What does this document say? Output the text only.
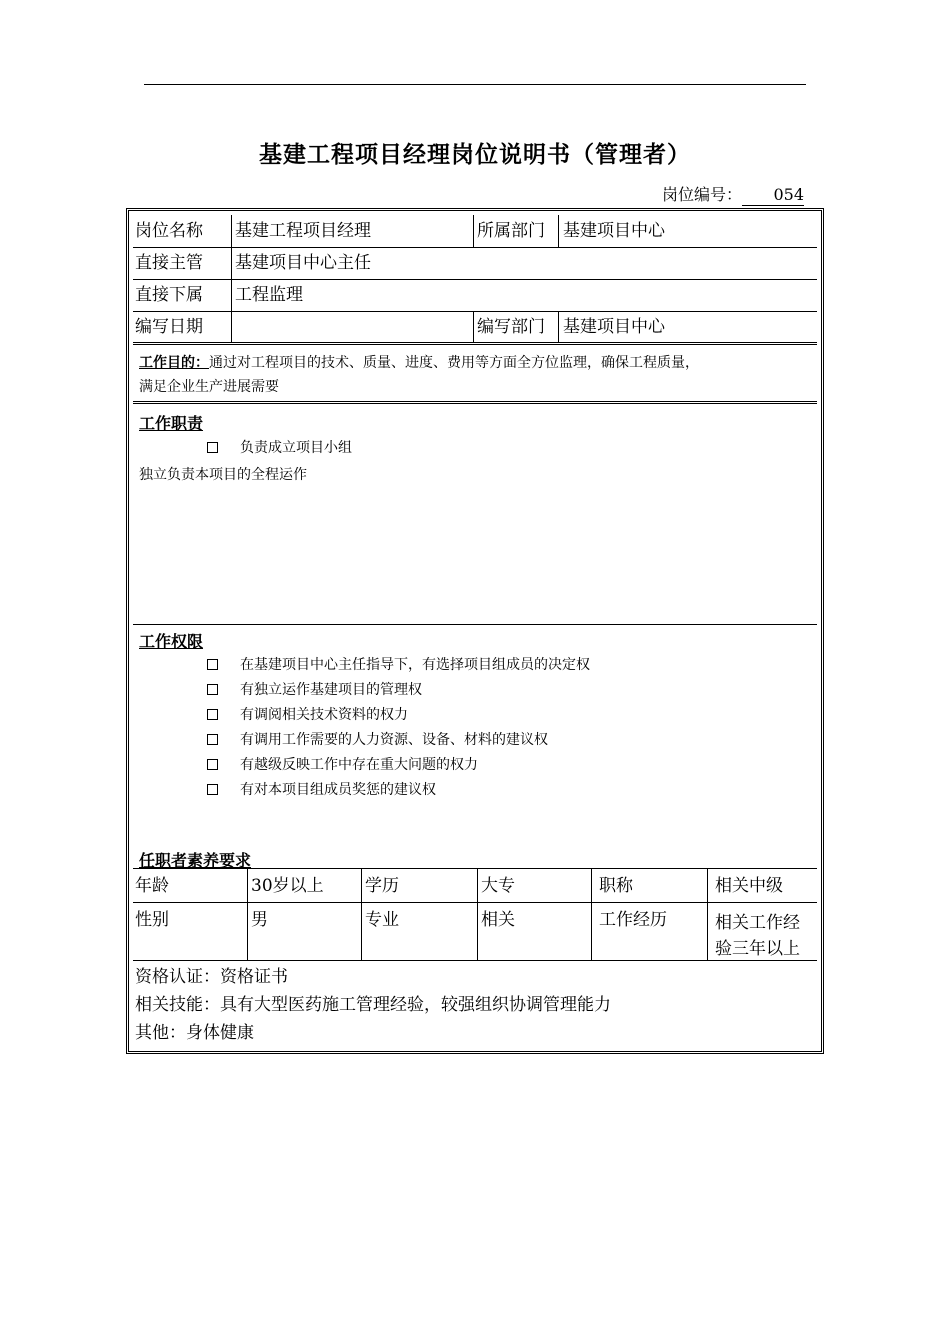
基建工程项目经理岗位说明书（管理者）
岗位编号： 054
岗位名称 基建工程项目经理	所属部门 基建项目中心
直接主管 基建项目中心主任
直接下属 工程监理
编写日期	编写部门 基建项目中心
工作目的：通过对工程项目的技术、质量、进度、费用等方面全方位监理，确保工程质量，
满足企业生产进展需要
工作职责
负责成立项目小组
独立负责本项目的全程运作
工作权限
在基建项目中心主任指导下，有选择项目组成员的决定权
有独立运作基建项目的管理权
有调阅相关技术资料的权力
有调用工作需要的人力资源、设备、材料的建议权
有越级反映工作中存在重大问题的权力
有对本项目组成员奖惩的建议权
任职者素养要求
年龄	30岁以上 学历	大专	职称	相关中级
性别	男	专业	相关	工作经历	相关工作经
验三年以上
资格认证：资格证书
相关技能：具有大型医药施工管理经验，较强组织协调管理能力
其他：身体健康
